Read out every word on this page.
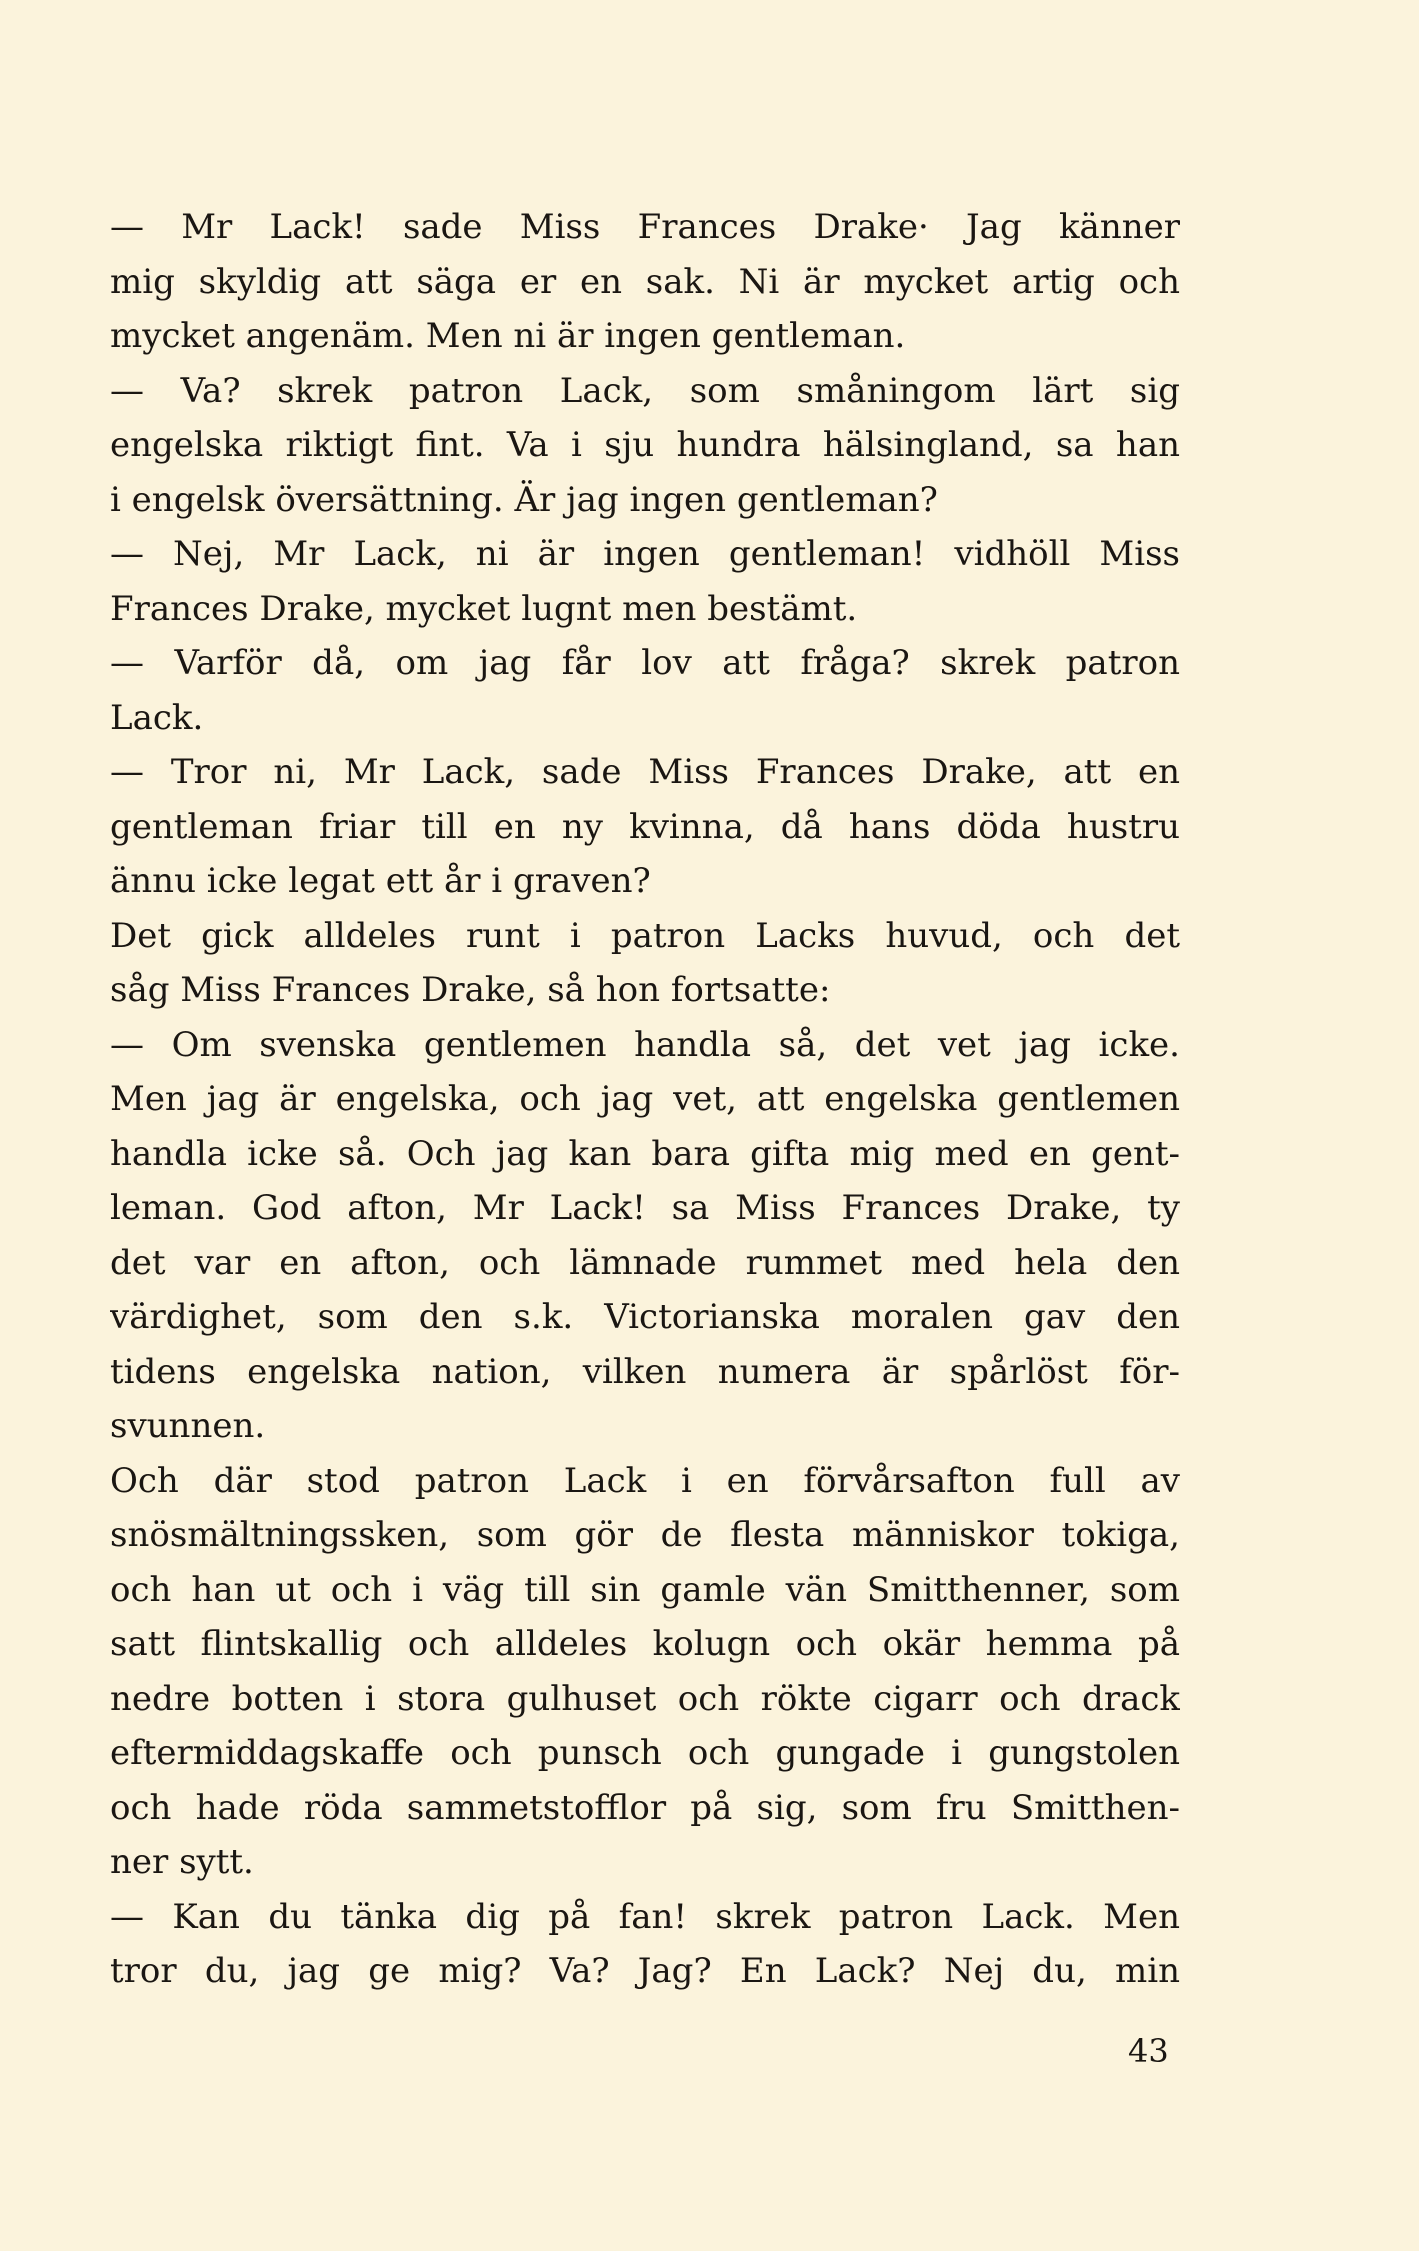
— Mr Lack! sade Miss Frances Drake· Jag känner
mig skyldig att säga er en sak. Ni är mycket artig och
mycket angenäm. Men ni är ingen gentleman.
— Va? skrek patron Lack, som småningom lärt sig
engelska riktigt fint. Va i sju hundra hälsingland, sa han
i engelsk översättning. Är jag ingen gentleman?
— Nej, Mr Lack, ni är ingen gentleman! vidhöll Miss
Frances Drake, mycket lugnt men bestämt.
— Varför då, om jag får lov att fråga? skrek patron
Lack.
— Tror ni, Mr Lack, sade Miss Frances Drake, att en
gentleman friar till en ny kvinna, då hans döda hustru
ännu icke legat ett år i graven?
Det gick alldeles runt i patron Lacks huvud, och det
såg Miss Frances Drake, så hon fortsatte:
— Om svenska gentlemen handla så, det vet jag icke.
Men jag är engelska, och jag vet, att engelska gentlemen
handla icke så. Och jag kan bara gifta mig med en gent-
leman. God afton, Mr Lack! sa Miss Frances Drake, ty
det var en afton, och lämnade rummet med hela den
värdighet, som den s.k. Victorianska moralen gav den
tidens engelska nation, vilken numera är spårlöst för-
svunnen.
Och där stod patron Lack i en förvårsafton full av
snösmältningssken, som gör de flesta människor tokiga,
och han ut och i väg till sin gamle vän Smitthenner, som
satt flintskallig och alldeles kolugn och okär hemma på
nedre botten i stora gulhuset och rökte cigarr och drack
eftermiddagskaffe och punsch och gungade i gungstolen
och hade röda sammetstofflor på sig, som fru Smitthen-
ner sytt.
— Kan du tänka dig på fan! skrek patron Lack. Men
tror du, jag ge mig? Va? Jag? En Lack? Nej du, min
43
